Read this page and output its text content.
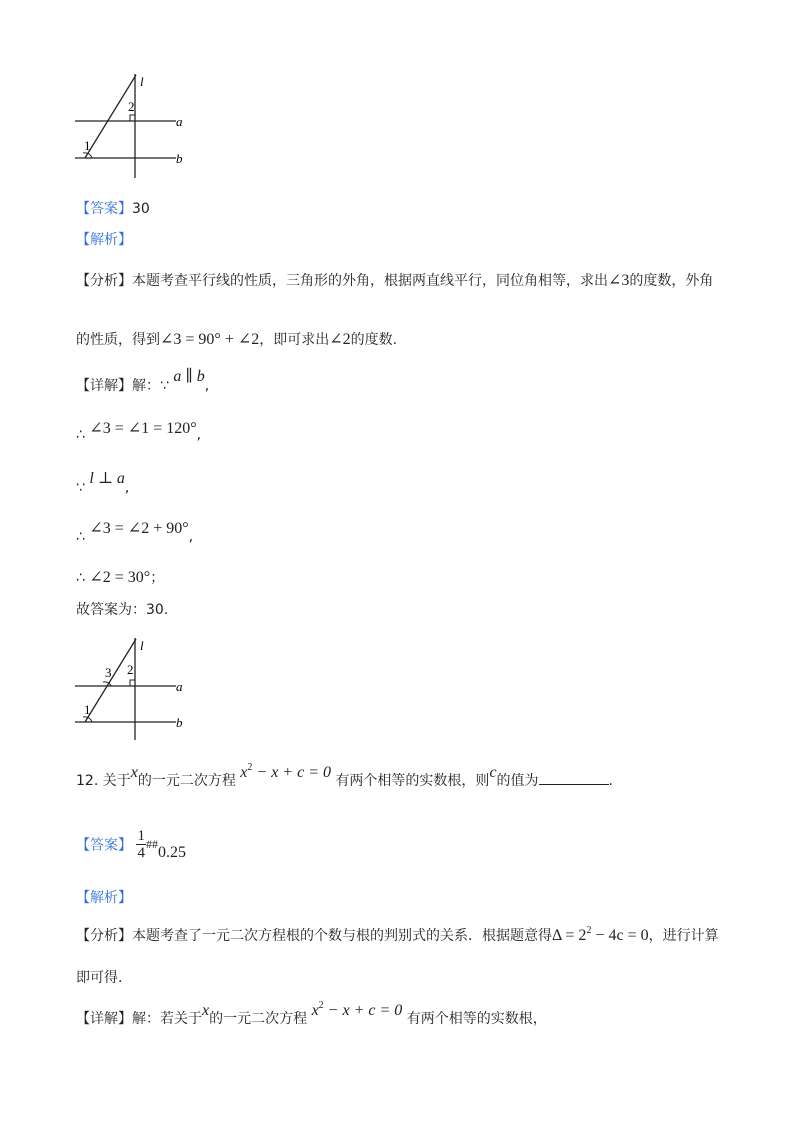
l
2
a
1
b
【答案】30
【解析】
【分析】本题考查平行线的性质，三角形的外角，根据两直线平行，同位角相等，求出∠3的度数，外角
的性质，得到∠3 = 90° + ∠2，即可求出∠2的度数.
【详解】解：∵ a ∥ b,
∴ ∠3 = ∠1 = 120°,
∵ l ⊥ a,
∴ ∠3 = ∠2 + 90°,
∴ ∠2 = 30°；
故答案为：30.
l
2
3
a
1
b
12. 关于x的一元二次方程 $x^2 - x + c = 0$ 有两个相等的实数根，则c的值为	.
【答案】 $\frac{1}{4}$ ##0.25
【解析】
【分析】本题考查了一元二次方程根的个数与根的判别式的关系．根据题意得$\Delta = 2^2 - 4c = 0$，进行计算
即可得.
【详解】解：若关于x的一元二次方程 $x^2 - x + c = 0$ 有两个相等的实数根，
